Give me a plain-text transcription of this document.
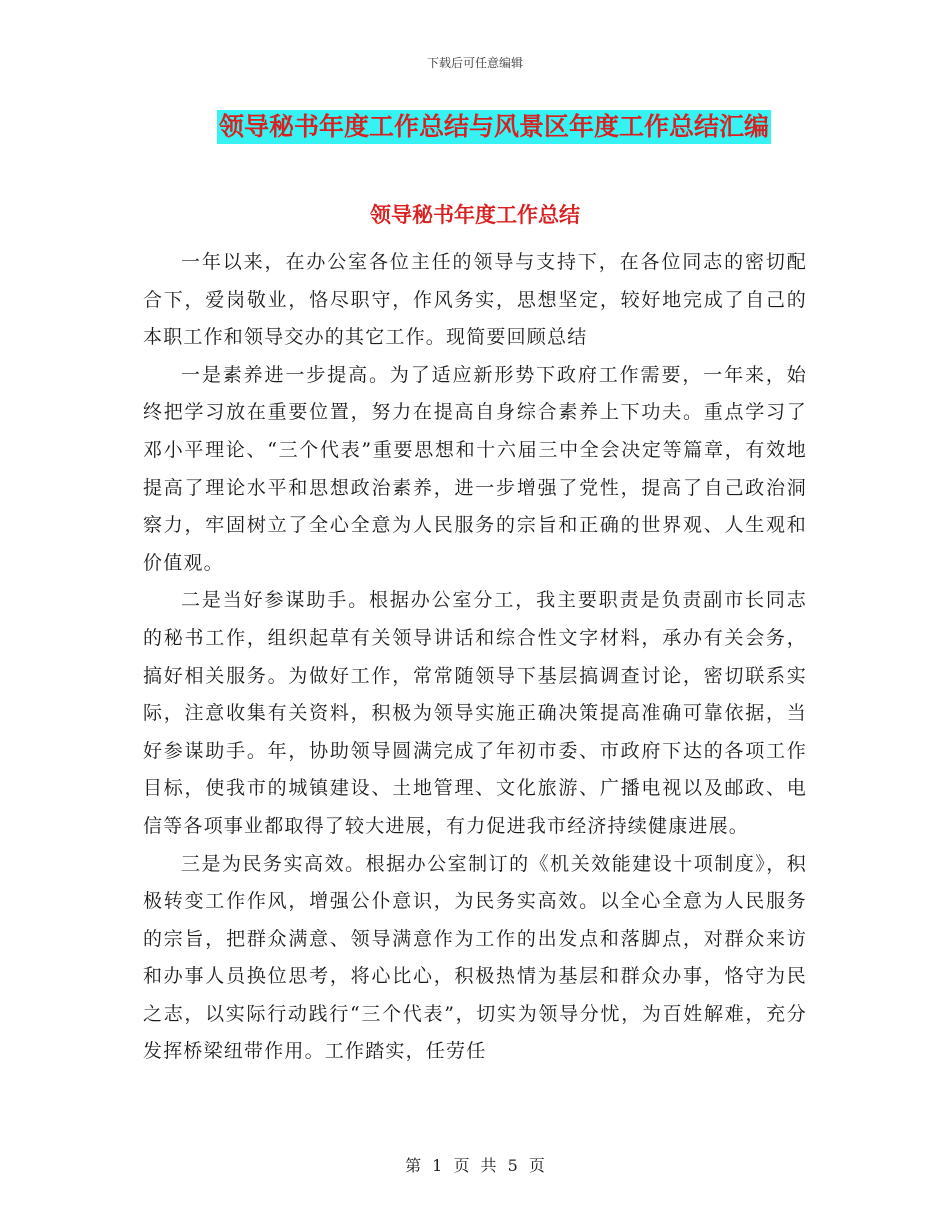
下载后可任意编辑
领导秘书年度工作总结与风景区年度工作总结汇编
领导秘书年度工作总结

一年以来，在办公室各位主任的领导与支持下，在各位同志的密切配合下，爱岗敬业，恪尽职守，作风务实，思想坚定，较好地完成了自己的本职工作和领导交办的其它工作。现简要回顾总结

一是素养进一步提高。为了适应新形势下政府工作需要，一年来，始终把学习放在重要位置，努力在提高自身综合素养上下功夫。重点学习了邓小平理论、“三个代表”重要思想和十六届三中全会决定等篇章，有效地提高了理论水平和思想政治素养，进一步增强了党性，提高了自己政治洞察力，牢固树立了全心全意为人民服务的宗旨和正确的世界观、人生观和价值观。

二是当好参谋助手。根据办公室分工，我主要职责是负责副市长同志的秘书工作，组织起草有关领导讲话和综合性文字材料，承办有关会务，搞好相关服务。为做好工作，常常随领导下基层搞调查讨论，密切联系实际，注意收集有关资料，积极为领导实施正确决策提高准确可靠依据，当好参谋助手。年，协助领导圆满完成了年初市委、市政府下达的各项工作目标，使我市的城镇建设、土地管理、文化旅游、广播电视以及邮政、电信等各项事业都取得了较大进展，有力促进我市经济持续健康进展。

三是为民务实高效。根据办公室制订的《机关效能建设十项制度》，积极转变工作作风，增强公仆意识，为民务实高效。以全心全意为人民服务的宗旨，把群众满意、领导满意作为工作的出发点和落脚点，对群众来访和办事人员换位思考，将心比心，积极热情为基层和群众办事，恪守为民之志，以实际行动践行“三个代表”，切实为领导分忧，为百姓解难，充分发挥桥梁纽带作用。工作踏实，任劳任

第 1 页 共 5 页
